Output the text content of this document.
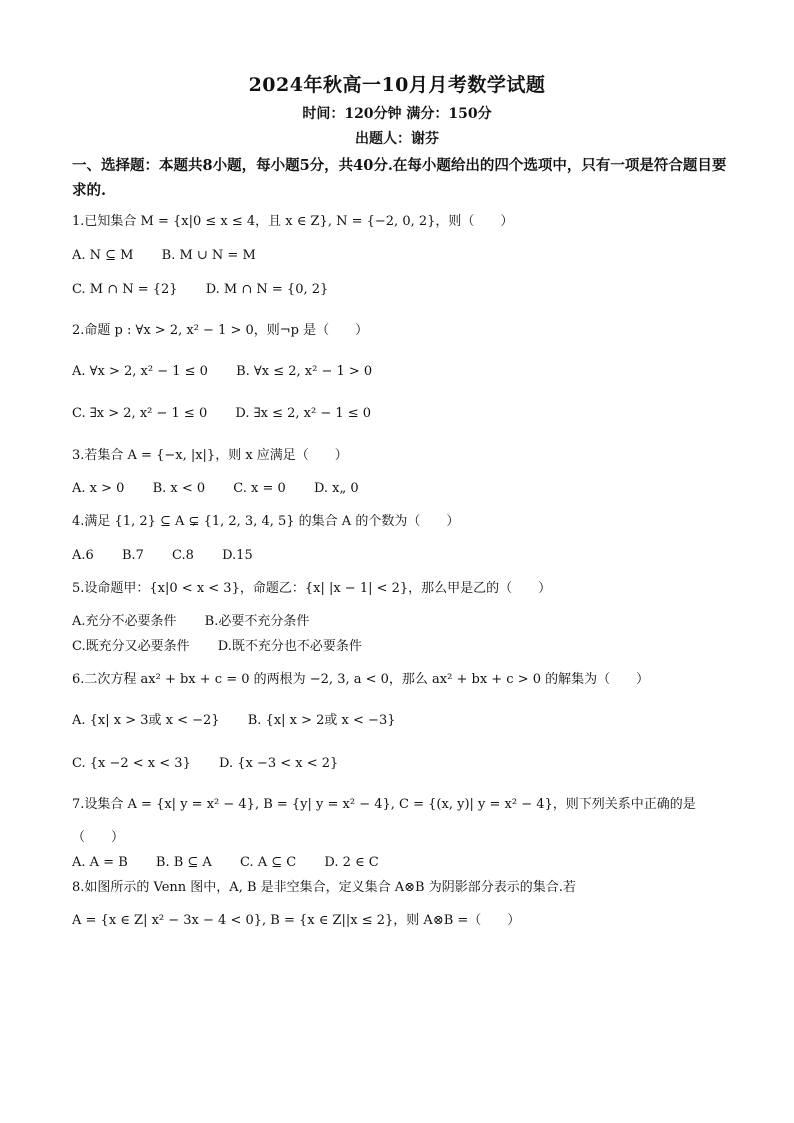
2024年秋高一10月月考数学试题
时间：120分钟 满分：150分
出题人：谢芬
一、选择题：本题共8小题，每小题5分，共40分.在每小题给出的四个选项中，只有一项是符合题目要求的.
1.已知集合 M = {x|0 ≤ x ≤ 4，且 x ∈ Z}, N = {−2, 0, 2}，则（　　）
A. N ⊆ M B. M ∪ N = M
C. M ∩ N = {2} D. M ∩ N = {0, 2}
2.命题 p : ∀x > 2, x² − 1 > 0，则¬p 是（　　）
A. ∀x > 2, x² − 1 ≤ 0 B. ∀x ≤ 2, x² − 1 > 0
C. ∃x > 2, x² − 1 ≤ 0 D. ∃x ≤ 2, x² − 1 ≤ 0
3.若集合 A = {−x, |x|}，则 x 应满足（　　）
A. x > 0 B. x < 0 C. x = 0 D. x„ 0
4.满足 {1, 2} ⊆ A ⊊ {1, 2, 3, 4, 5} 的集合 A 的个数为（　　）
A.6 B.7 C.8 D.15
5.设命题甲：{x|0 < x < 3}，命题乙：{x| |x − 1| < 2}，那么甲是乙的（　　）
A.充分不必要条件 B.必要不充分条件
C.既充分又必要条件 D.既不充分也不必要条件
6.二次方程 ax² + bx + c = 0 的两根为 −2, 3, a < 0，那么 ax² + bx + c > 0 的解集为（　　）
A. {x| x > 3或 x < −2} B. {x| x > 2或 x < −3}
C. {x −2 < x < 3} D. {x −3 < x < 2}
7.设集合 A = {x| y = x² − 4}, B = {y| y = x² − 4}, C = {(x, y)| y = x² − 4}，则下列关系中正确的是
（　　）
A. A = B B. B ⊆ A C. A ⊆ C D. 2 ∈ C
8.如图所示的 Venn 图中，A, B 是非空集合，定义集合 A⊗B 为阴影部分表示的集合.若
A = {x ∈ Z| x² − 3x − 4 < 0}, B = {x ∈ Z||x ≤ 2}，则 A⊗B =（　　）
